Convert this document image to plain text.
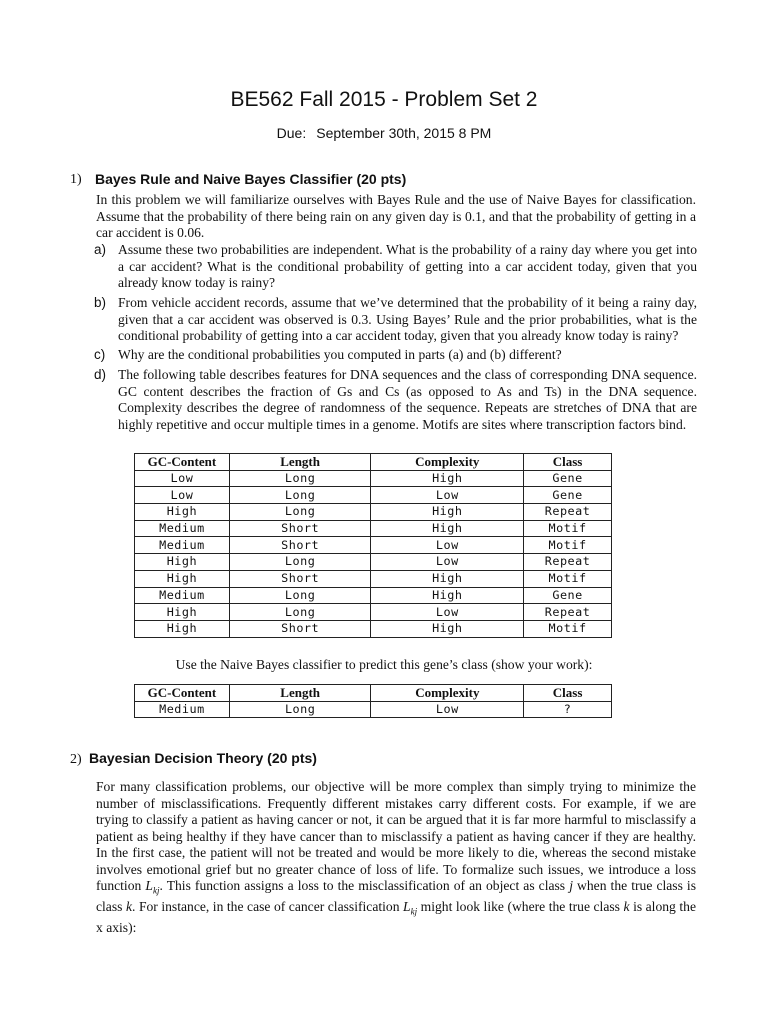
BE562 Fall 2015 - Problem Set 2
Due: September 30th, 2015 8 PM
1) Bayes Rule and Naive Bayes Classifier (20 pts)
In this problem we will familiarize ourselves with Bayes Rule and the use of Naive Bayes for classification. Assume that the probability of there being rain on any given day is 0.1, and that the probability of getting in a car accident is 0.06.
a) Assume these two probabilities are independent. What is the probability of a rainy day where you get into a car accident? What is the conditional probability of getting into a car accident today, given that you already know today is rainy?
b) From vehicle accident records, assume that we’ve determined that the probability of it being a rainy day, given that a car accident was observed is 0.3. Using Bayes’ Rule and the prior probabilities, what is the conditional probability of getting into a car accident today, given that you already know today is rainy?
c) Why are the conditional probabilities you computed in parts (a) and (b) different?
d) The following table describes features for DNA sequences and the class of corresponding DNA sequence. GC content describes the fraction of Gs and Cs (as opposed to As and Ts) in the DNA sequence. Complexity describes the degree of randomness of the sequence. Repeats are stretches of DNA that are highly repetitive and occur multiple times in a genome. Motifs are sites where transcription factors bind.
GC-Content	Length	Complexity	Class
Low	Long	High	Gene
Low	Long	Low	Gene
High	Long	High	Repeat
Medium	Short	High	Motif
Medium	Short	Low	Motif
High	Long	Low	Repeat
High	Short	High	Motif
Medium	Long	High	Gene
High	Long	Low	Repeat
High	Short	High	Motif
Use the Naive Bayes classifier to predict this gene’s class (show your work):
GC-Content	Length	Complexity	Class
Medium	Long	Low	?
2) Bayesian Decision Theory (20 pts)
For many classification problems, our objective will be more complex than simply trying to minimize the number of misclassifications. Frequently different mistakes carry different costs. For example, if we are trying to classify a patient as having cancer or not, it can be argued that it is far more harmful to misclassify a patient as being healthy if they have cancer than to misclassify a patient as having cancer if they are healthy. In the first case, the patient will not be treated and would be more likely to die, whereas the second mistake involves emotional grief but no greater chance of loss of life. To formalize such issues, we introduce a loss function $L_{kj}$. This function assigns a loss to the misclassification of an object as class j when the true class is class k. For instance, in the case of cancer classification $L_{kj}$ might look like (where the true class k is along the x axis):
